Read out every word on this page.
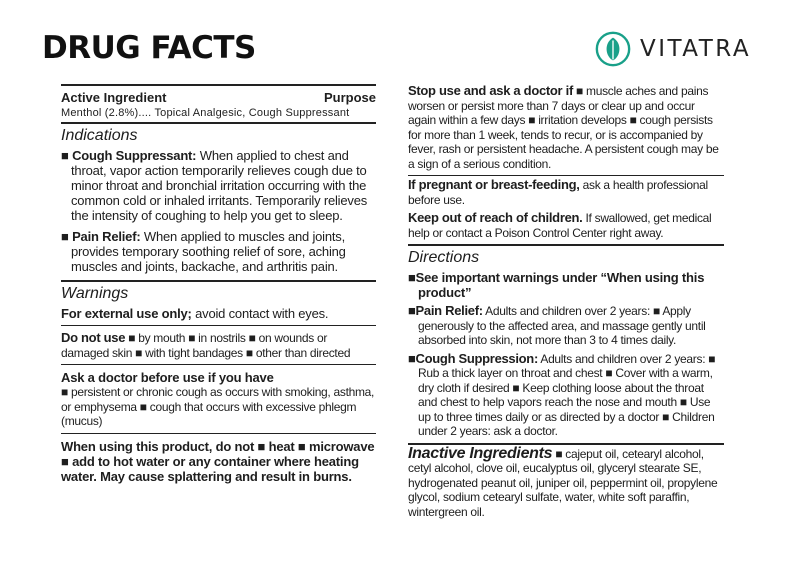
DRUG FACTS	VITATRA
Active Ingredient	Purpose
Menthol (2.8%).... Topical Analgesic, Cough Suppressant
Indications

■ Cough Suppressant: When applied to chest and throat, vapor action temporarily relieves cough due to minor throat and bronchial irritation occurring with the common cold or inhaled irritants. Temporarily relieves the intensity of coughing to help you get to sleep.

■ Pain Relief: When applied to muscles and joints, provides temporary soothing relief of sore, aching muscles and joints, backache, and arthritis pain.

Warnings

For external use only; avoid contact with eyes.

Do not use ■ by mouth ■ in nostrils ■ on wounds or damaged skin ■ with tight bandages ■ other than directed

Ask a doctor before use if you have

■ persistent or chronic cough as occurs with smoking, asthma, or emphysema ■ cough that occurs with excessive phlegm (mucus)

When using this product, do not ■ heat ■ microwave ■ add to hot water or any container where heating water. May cause splattering and result in burns.

Stop use and ask a doctor if ■ muscle aches and pains worsen or persist more than 7 days or clear up and occur again within a few days ■ irritation develops ■ cough persists for more than 1 week, tends to recur, or is accompanied by fever, rash or persistent headache. A persistent cough may be a sign of a serious condition.

If pregnant or breast-feeding, ask a health professional before use.

Keep out of reach of children. If swallowed, get medical help or contact a Poison Control Center right away.

Directions

■See important warnings under “When using this product”

■Pain Relief: Adults and children over 2 years: ■ Apply generously to the affected area, and massage gently until absorbed into skin, not more than 3 to 4 times daily.

■Cough Suppression: Adults and children over 2 years: ■ Rub a thick layer on throat and chest ■ Cover with a warm, dry cloth if desired ■ Keep clothing loose about the throat and chest to help vapors reach the nose and mouth ■ Use up to three times daily or as directed by a doctor ■ Children under 2 years: ask a doctor.

Inactive Ingredients ■ cajeput oil, cetearyl alcohol, cetyl alcohol, clove oil, eucalyptus oil, glyceryl stearate SE, hydrogenated peanut oil, juniper oil, peppermint oil, propylene glycol, sodium cetearyl sulfate, water, white soft paraffin, wintergreen oil.
